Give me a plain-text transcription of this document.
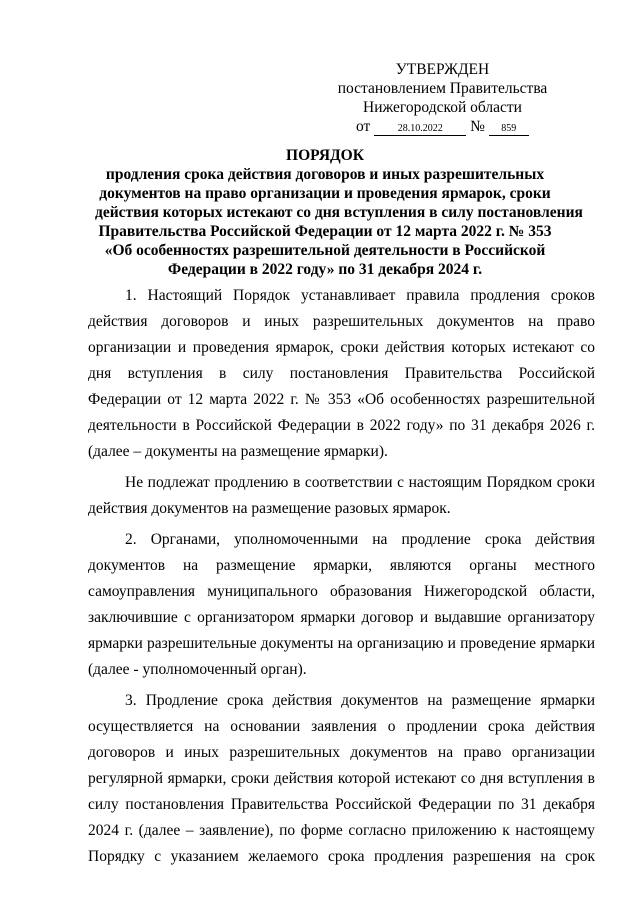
УТВЕРЖДЕН
постановлением Правительства
Нижегородской области
от	28.10.2022 № 859
ПОРЯДОК
продления срока действия договоров и иных разрешительных
документов на право организации и проведения ярмарок, сроки
действия которых истекают со дня вступления в силу постановления
Правительства Российской Федерации от 12 марта 2022 г. № 353
«Об особенностях разрешительной деятельности в Российской
Федерации в 2022 году» по 31 декабря 2024 г.

1. Настоящий Порядок устанавливает правила продления сроков действия договоров и иных разрешительных документов на право организации и проведения ярмарок, сроки действия которых истекают со дня вступления в силу постановления Правительства Российской Федерации от 12 марта 2022 г. № 353 «Об особенностях разрешительной деятельности в Российской Федерации в 2022 году» по 31 декабря 2026 г. (далее – документы на размещение ярмарки).

Не подлежат продлению в соответствии с настоящим Порядком сроки действия документов на размещение разовых ярмарок.

2. Органами, уполномоченными на продление срока действия документов на размещение ярмарки, являются органы местного самоуправления муниципального образования Нижегородской области, заключившие с организатором ярмарки договор и выдавшие организатору ярмарки разрешительные документы на организацию и проведение ярмарки (далее - уполномоченный орган).

3. Продление срока действия документов на размещение ярмарки осуществляется на основании заявления о продлении срока действия договоров и иных разрешительных документов на право организации регулярной ярмарки, сроки действия которой истекают со дня вступления в силу постановления Правительства Российской Федерации по 31 декабря 2024 г. (далее – заявление), по форме согласно приложению к настоящему Порядку с указанием желаемого срока продления разрешения на срок
